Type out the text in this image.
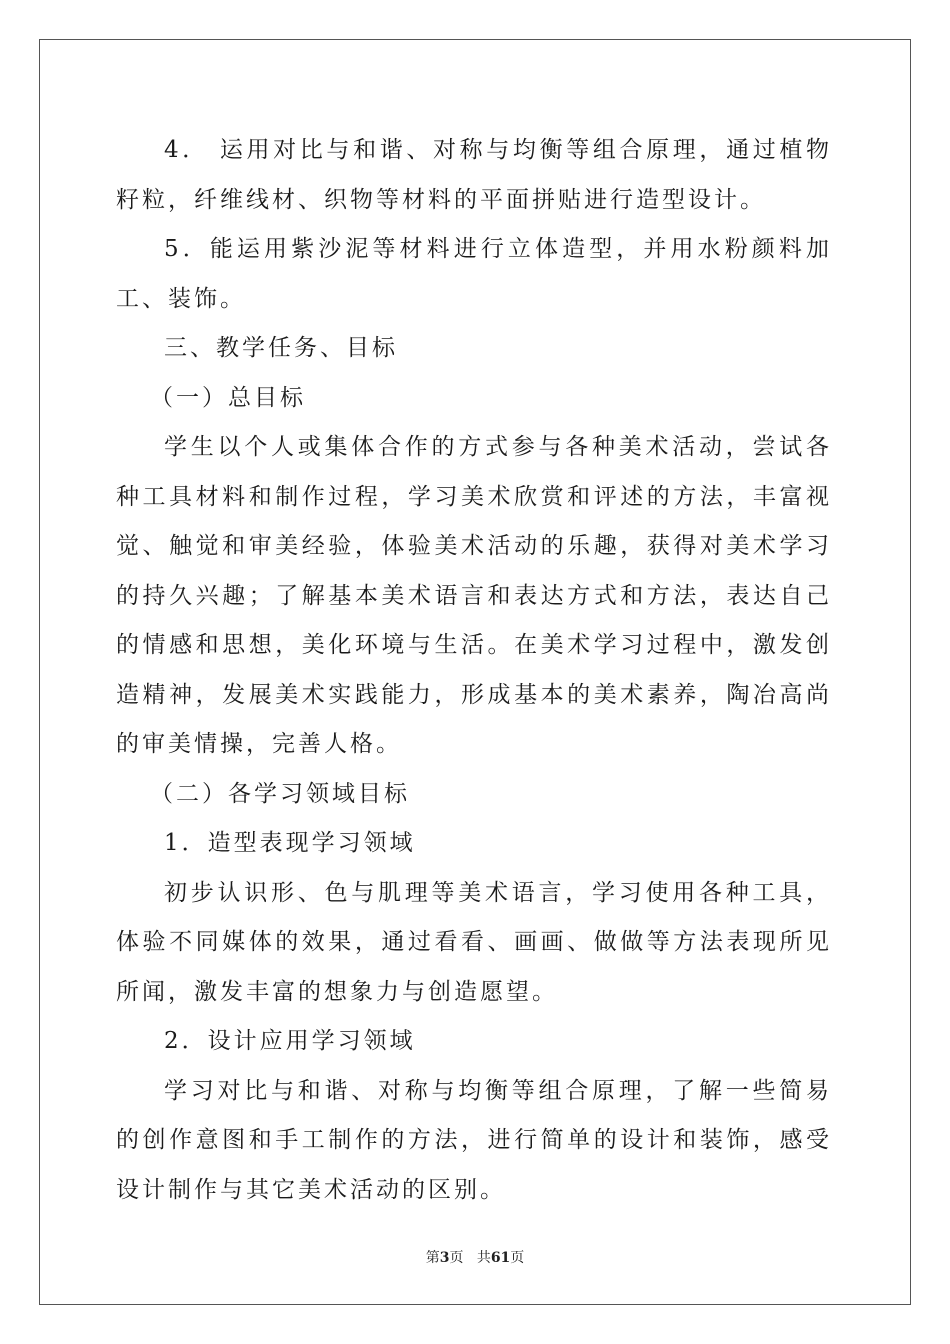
4． 运用对比与和谐、对称与均衡等组合原理，通过植物籽粒，纤维线材、织物等材料的平面拼贴进行造型设计。

5．能运用紫沙泥等材料进行立体造型，并用水粉颜料加工、装饰。

三、教学任务、目标

（一）总目标

学生以个人或集体合作的方式参与各种美术活动，尝试各种工具材料和制作过程，学习美术欣赏和评述的方法，丰富视觉、触觉和审美经验，体验美术活动的乐趣，获得对美术学习的持久兴趣；了解基本美术语言和表达方式和方法，表达自己的情感和思想，美化环境与生活。在美术学习过程中，激发创造精神，发展美术实践能力，形成基本的美术素养，陶冶高尚的审美情操，完善人格。

（二）各学习领域目标

1．造型表现学习领域

初步认识形、色与肌理等美术语言，学习使用各种工具，体验不同媒体的效果，通过看看、画画、做做等方法表现所见所闻，激发丰富的想象力与创造愿望。

2．设计应用学习领域

学习对比与和谐、对称与均衡等组合原理，了解一些简易的创作意图和手工制作的方法，进行简单的设计和装饰，感受设计制作与其它美术活动的区别。

第3页 共61页
